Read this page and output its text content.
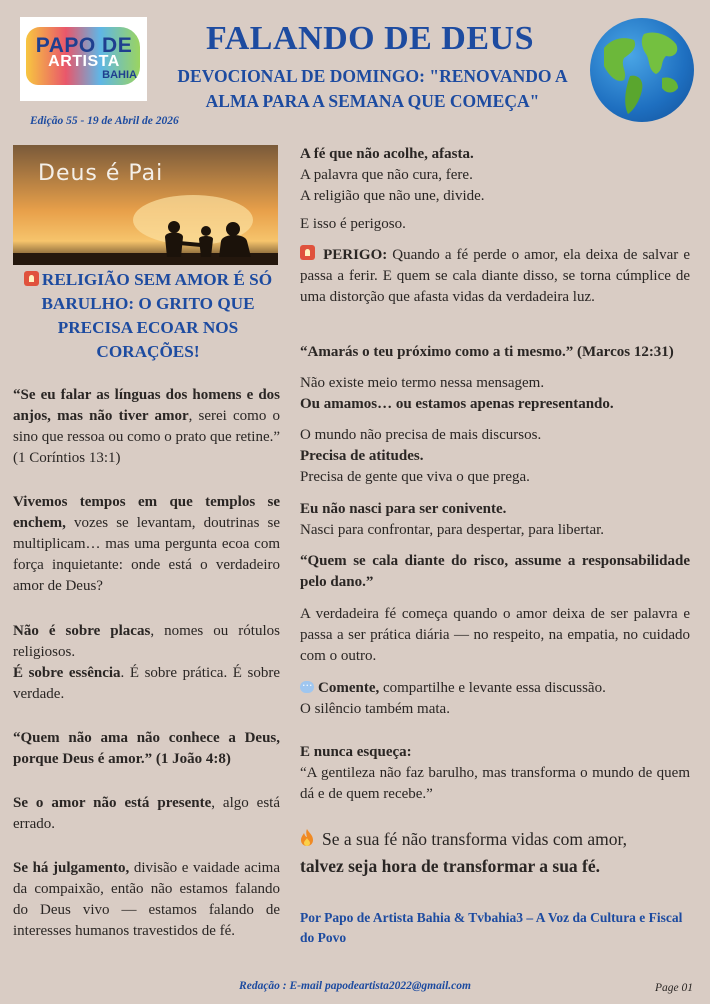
PAPO DE
ARTISTA
BAHIA
FALANDO DE DEUS
DEVOCIONAL DE DOMINGO: "RENOVANDO A ALMA PARA A SEMANA QUE COMEÇA"
Edição 55 - 19 de Abril de 2026
Deus é Pai
RELIGIÃO SEM AMOR É SÓ BARULHO: O GRITO QUE PRECISA ECOAR NOS CORAÇÕES!

“Se eu falar as línguas dos homens e dos anjos, mas não tiver amor, serei como o sino que ressoa ou como o prato que retine.” (1 Coríntios 13:1)

Vivemos tempos em que templos se enchem, vozes se levantam, doutrinas se multiplicam… mas uma pergunta ecoa com força inquietante: onde está o verdadeiro amor de Deus?

Não é sobre placas, nomes ou rótulos religiosos.
É sobre essência. É sobre prática. É sobre verdade.

“Quem não ama não conhece a Deus, porque Deus é amor.” (1 João 4:8)

Se o amor não está presente, algo está errado.

Se há julgamento, divisão e vaidade acima da compaixão, então não estamos falando do Deus vivo — estamos falando de interesses humanos travestidos de fé.

A fé que não acolhe, afasta.
A palavra que não cura, fere.
A religião que não une, divide.

E isso é perigoso.

PERIGO: Quando a fé perde o amor, ela deixa de salvar e passa a ferir. E quem se cala diante disso, se torna cúmplice de uma distorção que afasta vidas da verdadeira luz.

“Amarás o teu próximo como a ti mesmo.” (Marcos 12:31)

Não existe meio termo nessa mensagem.
Ou amamos… ou estamos apenas representando.

O mundo não precisa de mais discursos.
Precisa de atitudes.
Precisa de gente que viva o que prega.

Eu não nasci para ser conivente.
Nasci para confrontar, para despertar, para libertar.

“Quem se cala diante do risco, assume a responsabilidade pelo dano.”

A verdadeira fé começa quando o amor deixa de ser palavra e passa a ser prática diária — no respeito, na empatia, no cuidado com o outro.

···Comente, compartilhe e levante essa discussão.
O silêncio também mata.

E nunca esqueça:
“A gentileza não faz barulho, mas transforma o mundo de quem dá e de quem recebe.”

Se a sua fé não transforma vidas com amor,
talvez seja hora de transformar a sua fé.

Por Papo de Artista Bahia & Tvbahia3 – A Voz da Cultura e Fiscal do Povo

Redação : E-mail papodeartista2022@gmail.com	Page 01
